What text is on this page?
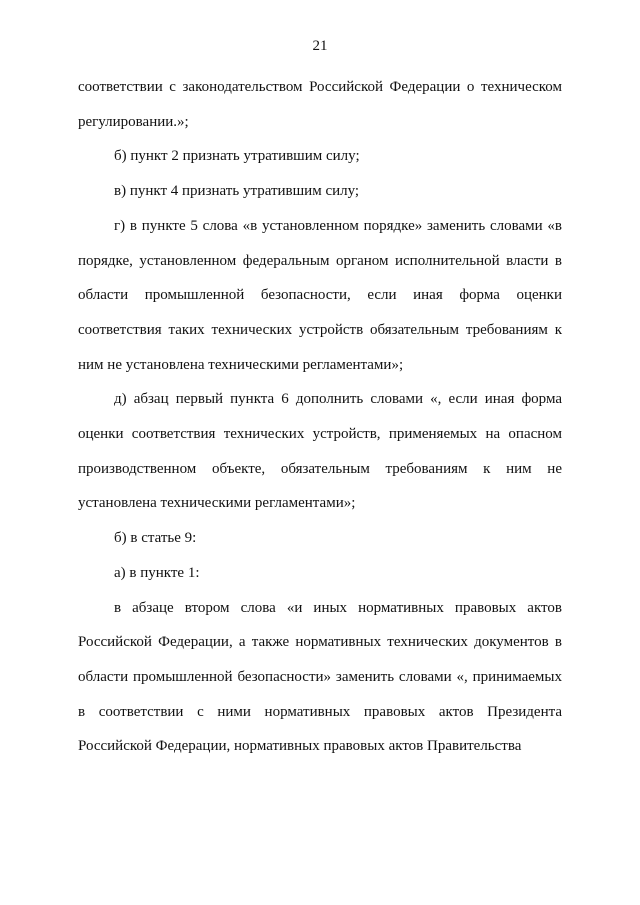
21

соответствии с законодательством Российской Федерации о техническом регулировании.»;

б) пункт 2 признать утратившим силу;

в) пункт 4 признать утратившим силу;

г) в пункте 5 слова «в установленном порядке» заменить словами «в порядке, установленном федеральным органом исполнительной власти в области промышленной безопасности, если иная форма оценки соответствия таких технических устройств обязательным требованиям к ним не установлена техническими регламентами»;

д) абзац первый пункта 6 дополнить словами «, если иная форма оценки соответствия технических устройств, применяемых на опасном производственном объекте, обязательным требованиям к ним не установлена техническими регламентами»;

б) в статье 9:

а) в пункте 1:

в абзаце втором слова «и иных нормативных правовых актов Российской Федерации, а также нормативных технических документов в области промышленной безопасности» заменить словами «, принимаемых в соответствии с ними нормативных правовых актов Президента Российской Федерации, нормативных правовых актов Правительства
